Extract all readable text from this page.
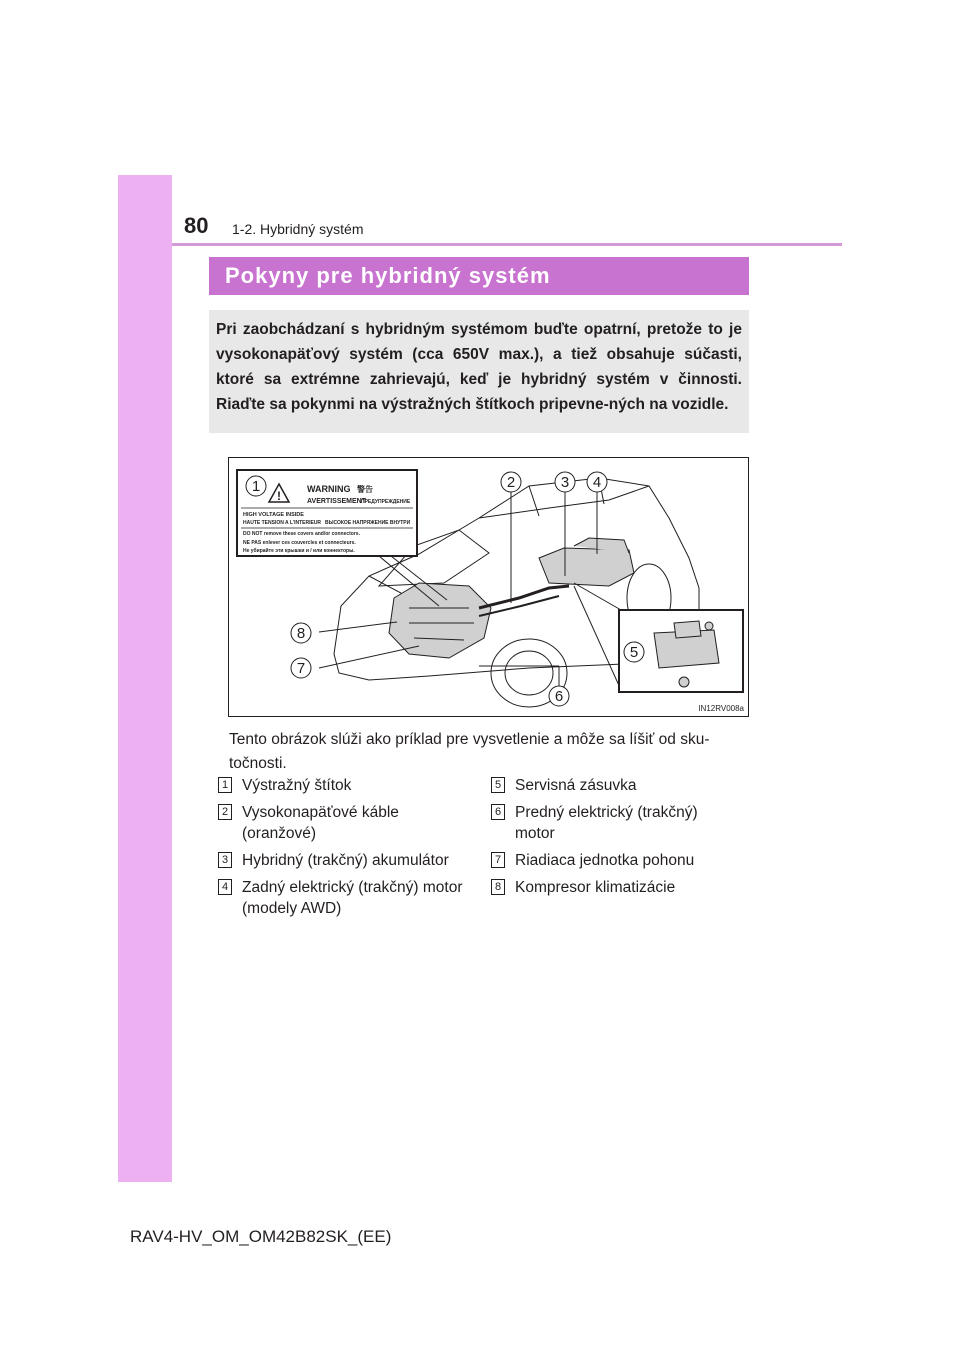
80 1-2. Hybridný systém
Pokyny pre hybridný systém

Pri zaobchádzaní s hybridným systémom buďte opatrní, pretože to je vysokonapäťový systém (cca 650V max.), a tiež obsahuje súčasti, ktoré sa extrémne zahrievajú, keď je hybridný systém v činnosti. Riaďte sa pokynmi na výstražných štítkoch pripevne-ných na vozidle.

!	WARNING 警告
AVERTISSEMENT
ПРЕДУПРЕЖДЕНИЕ
HIGH VOLTAGE INSIDE
HAUTE TENSION A L'INTERIEUR ВЫСОКОЕ НАПРЯЖЕНИЕ ВНУТРИ
DO NOT remove these covers and/or connectors.
NE PAS enlever ces couvercles et connecteurs.
Не убирайте эти крышки и / или коннекторы.
1	2	3 4
5
6
7
8
IN12RV008a

Tento obrázok slúži ako príklad pre vysvetlenie a môže sa líšiť od sku-točnosti.

1 Výstražný štítok
2 Vysokonapäťové káble (oranžové)
3 Hybridný (trakčný) akumulátor
4 Zadný elektrický (trakčný) motor (modely AWD)
5 Servisná zásuvka
6 Predný elektrický (trakčný) motor
7 Riadiaca jednotka pohonu
8 Kompresor klimatizácie
RAV4-HV_OM_OM42B82SK_(EE)
